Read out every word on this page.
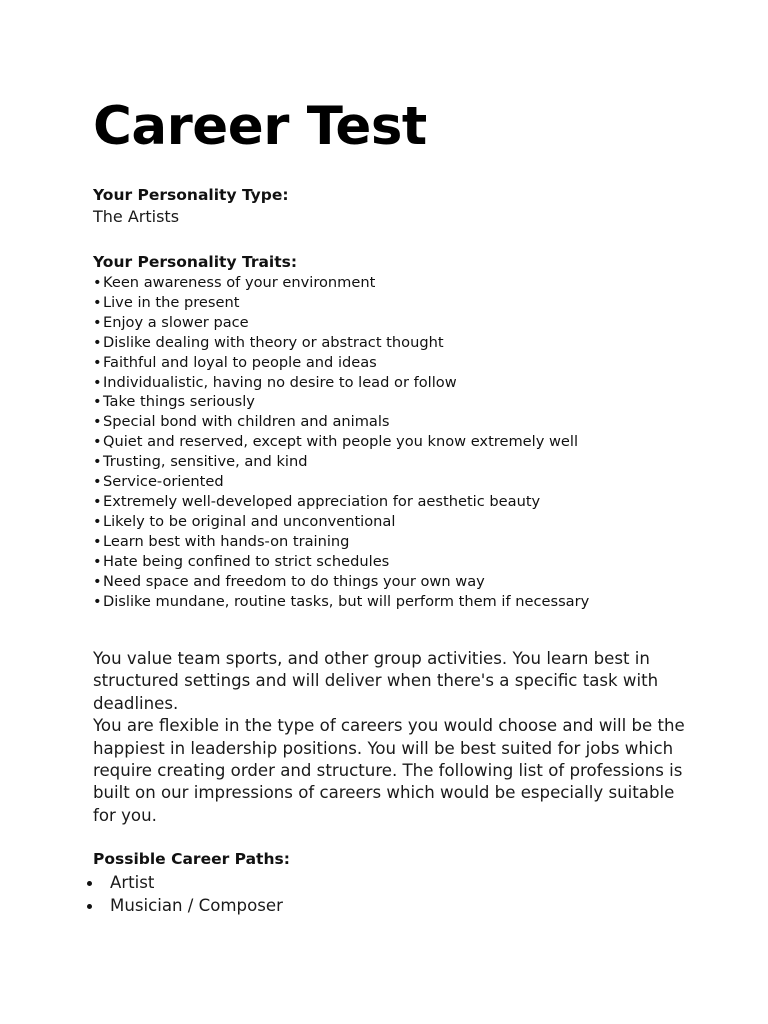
Career Test

Your Personality Type:

The Artists

Your Personality Traits:

•Keen awareness of your environment
•Live in the present
•Enjoy a slower pace
•Dislike dealing with theory or abstract thought
•Faithful and loyal to people and ideas
•Individualistic, having no desire to lead or follow
•Take things seriously
•Special bond with children and animals
•Quiet and reserved, except with people you know extremely well
•Trusting, sensitive, and kind
•Service-oriented
•Extremely well-developed appreciation for aesthetic beauty
•Likely to be original and unconventional
•Learn best with hands-on training
•Hate being confined to strict schedules
•Need space and freedom to do things your own way
•Dislike mundane, routine tasks, but will perform them if necessary

You value team sports, and other group activities. You learn best in structured settings and will deliver when there's a specific task with deadlines.

You are flexible in the type of careers you would choose and will be the happiest in leadership positions. You will be best suited for jobs which require creating order and structure. The following list of professions is built on our impressions of careers which would be especially suitable for you.

Possible Career Paths:

Artist
Musician / Composer
